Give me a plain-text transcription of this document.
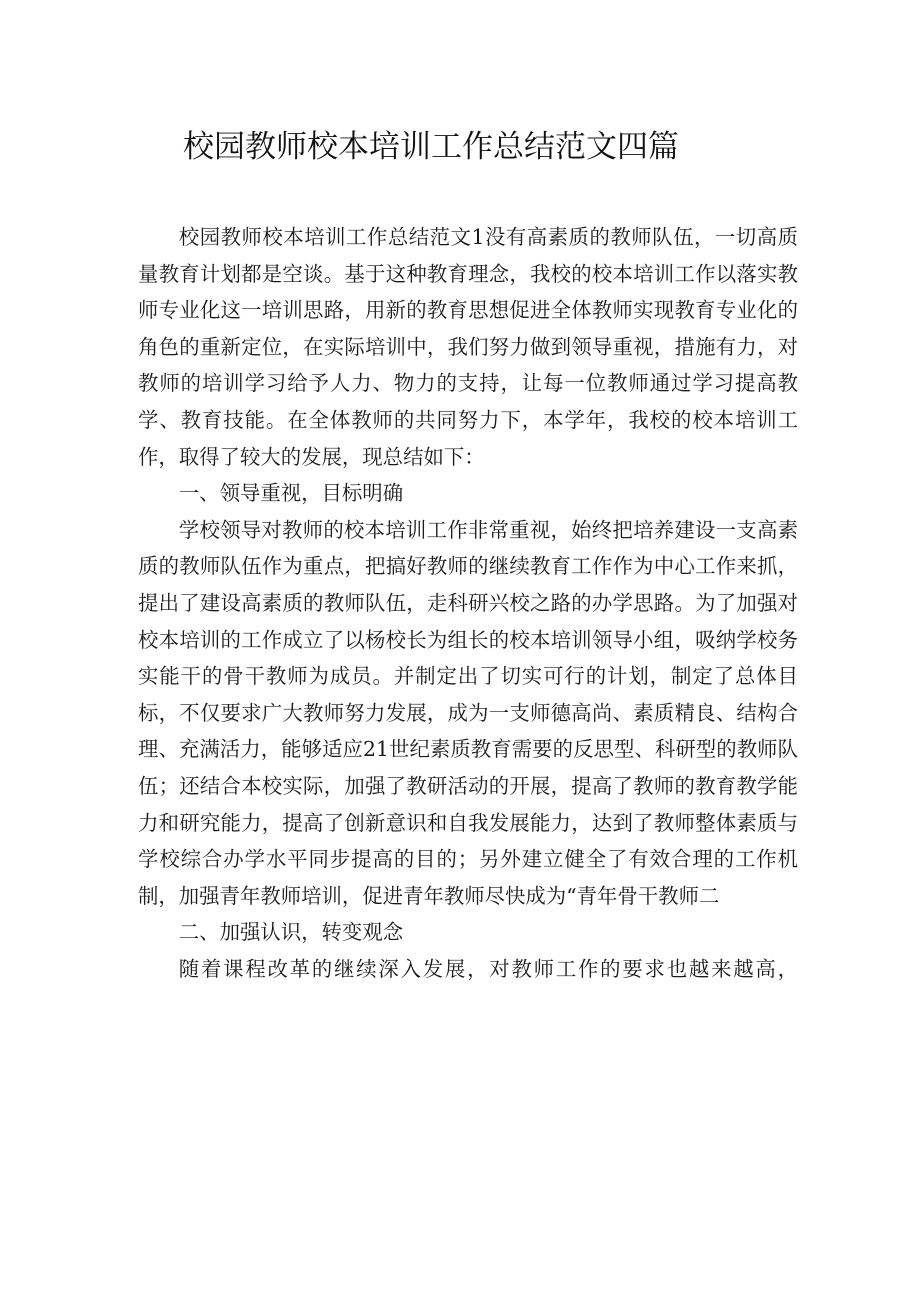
校园教师校本培训工作总结范文四篇

校园教师校本培训工作总结范文1没有高素质的教师队伍，一切高质量教育计划都是空谈。基于这种教育理念，我校的校本培训工作以落实教师专业化这一培训思路，用新的教育思想促进全体教师实现教育专业化的角色的重新定位，在实际培训中，我们努力做到领导重视，措施有力，对教师的培训学习给予人力、物力的支持，让每一位教师通过学习提高教学、教育技能。在全体教师的共同努力下，本学年，我校的校本培训工作，取得了较大的发展，现总结如下：

一、领导重视，目标明确

学校领导对教师的校本培训工作非常重视，始终把培养建设一支高素质的教师队伍作为重点，把搞好教师的继续教育工作作为中心工作来抓，提出了建设高素质的教师队伍，走科研兴校之路的办学思路。为了加强对校本培训的工作成立了以杨校长为组长的校本培训领导小组，吸纳学校务实能干的骨干教师为成员。并制定出了切实可行的计划，制定了总体目标，不仅要求广大教师努力发展，成为一支师德高尚、素质精良、结构合理、充满活力，能够适应21世纪素质教育需要的反思型、科研型的教师队伍；还结合本校实际，加强了教研活动的开展，提高了教师的教育教学能力和研究能力，提高了创新意识和自我发展能力，达到了教师整体素质与学校综合办学水平同步提高的目的；另外建立健全了有效合理的工作机制，加强青年教师培训，促进青年教师尽快成为“青年骨干教师二

二、加强认识，转变观念

随着课程改革的继续深入发展，对教师工作的要求也越来越高，
